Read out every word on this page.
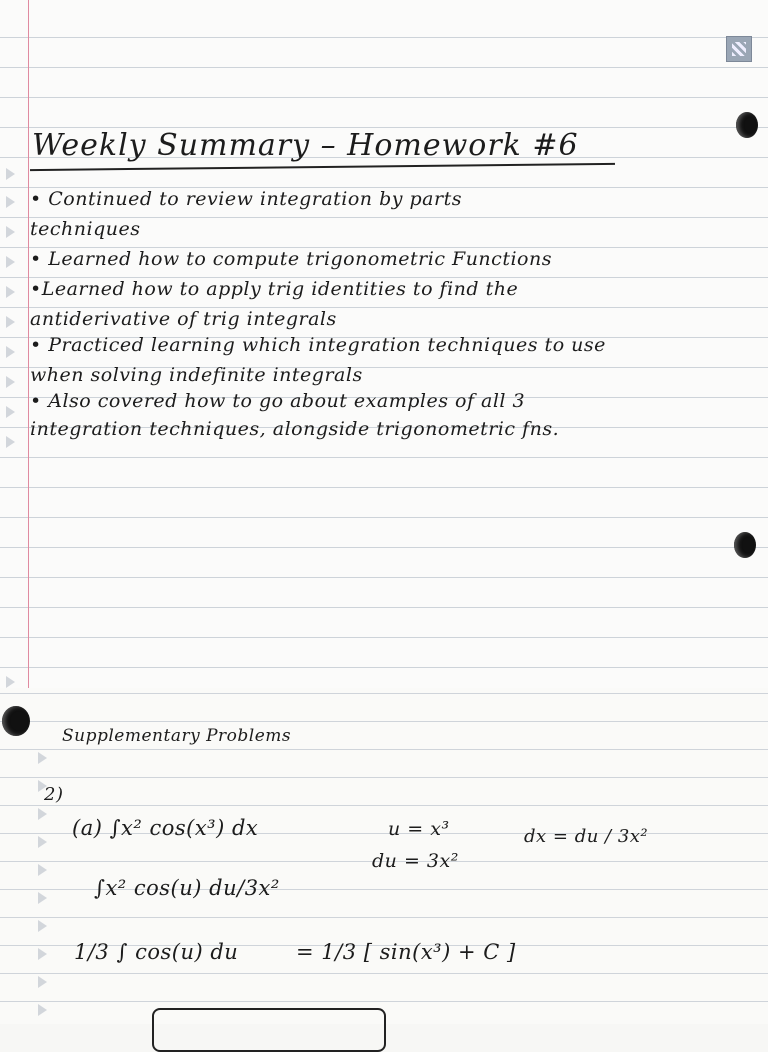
Weekly Summary – Homework #6
• Continued to review integration by parts
techniques
• Learned how to compute trigonometric Functions
•Learned how to apply trig identities to find the
antiderivative of trig integrals
• Practiced learning which integration techniques to use
when solving indefinite integrals
• Also covered how to go about examples of all 3
integration techniques, alongside trigonometric fns.
Supplementary Problems
2)
(a) ∫x² cos(x³) dx	u = x³
du = 3x²
dx = du / 3x²
∫x² cos(u) du/3x²
1/3 ∫ cos(u) du	= 1/3 [ sin(x³) + C ]
